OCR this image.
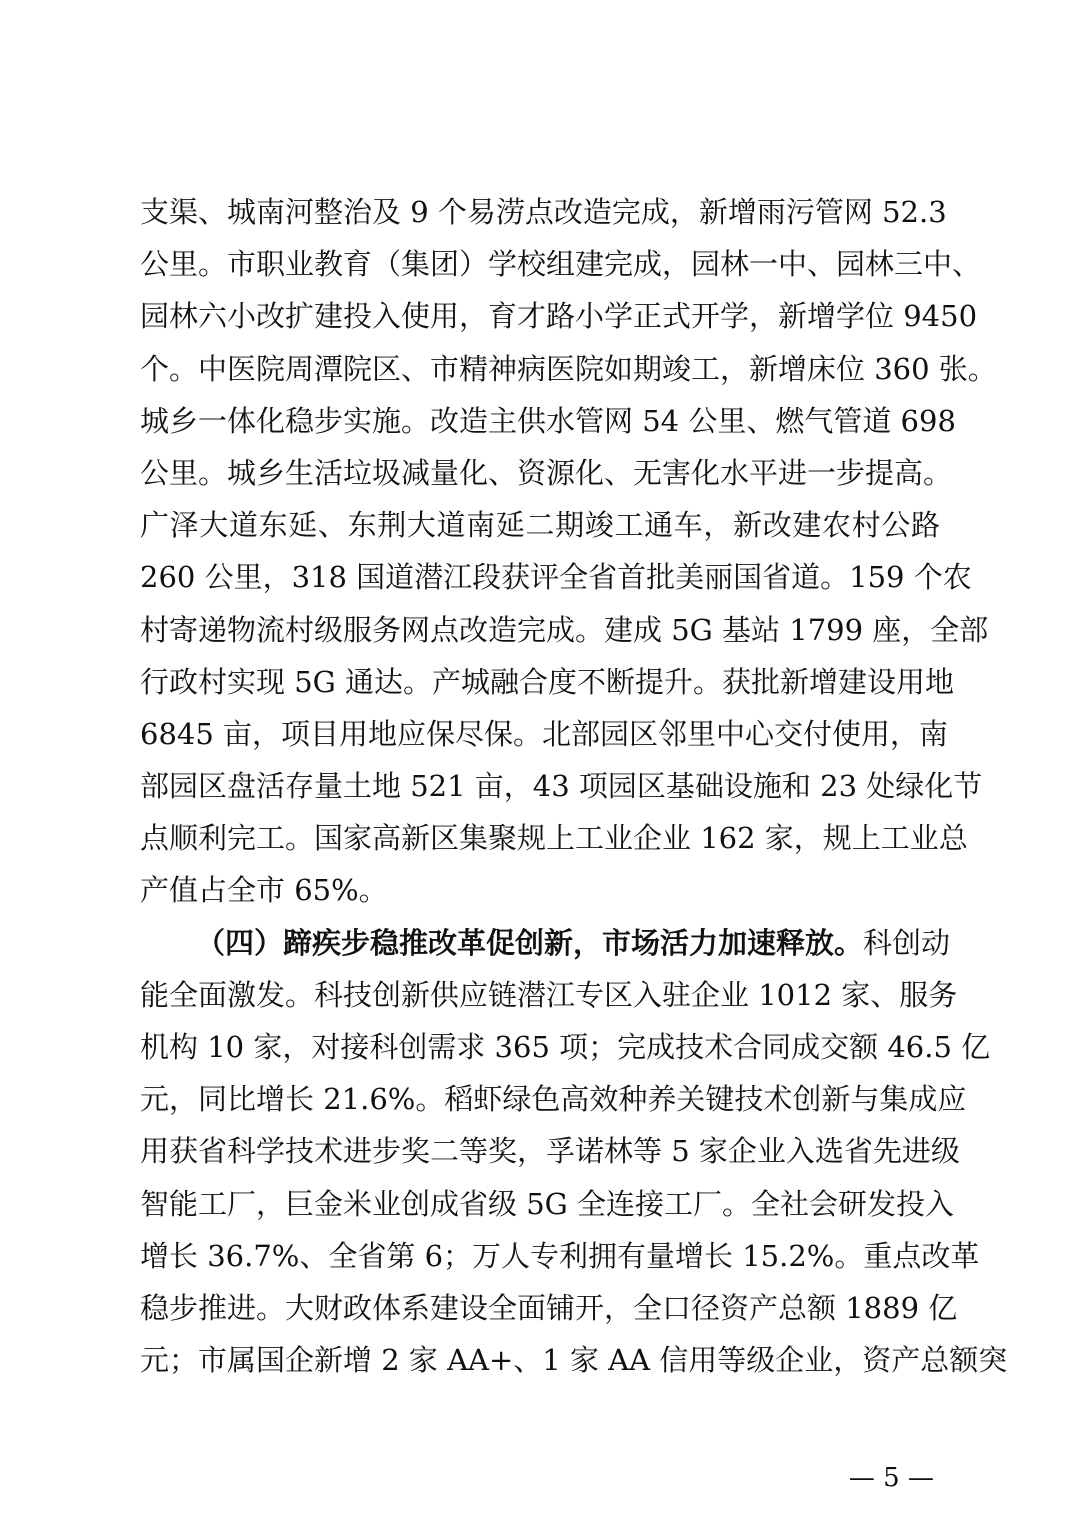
支渠、城南河整治及 9 个易涝点改造完成，新增雨污管网 52.3
公里。市职业教育（集团）学校组建完成，园林一中、园林三中、
园林六小改扩建投入使用，育才路小学正式开学，新增学位 9450
个。中医院周潭院区、市精神病医院如期竣工，新增床位 360 张。
城乡一体化稳步实施。改造主供水管网 54 公里、燃气管道 698
公里。城乡生活垃圾减量化、资源化、无害化水平进一步提高。
广泽大道东延、东荆大道南延二期竣工通车，新改建农村公路
260 公里，318 国道潜江段获评全省首批美丽国省道。159 个农
村寄递物流村级服务网点改造完成。建成 5G 基站 1799 座，全部
行政村实现 5G 通达。产城融合度不断提升。获批新增建设用地
6845 亩，项目用地应保尽保。北部园区邻里中心交付使用，南
部园区盘活存量土地 521 亩，43 项园区基础设施和 23 处绿化节
点顺利完工。国家高新区集聚规上工业企业 162 家，规上工业总
产值占全市 65%。
（四）蹄疾步稳推改革促创新，市场活力加速释放。科创动
能全面激发。科技创新供应链潜江专区入驻企业 1012 家、服务
机构 10 家，对接科创需求 365 项；完成技术合同成交额 46.5 亿
元，同比增长 21.6%。稻虾绿色高效种养关键技术创新与集成应
用获省科学技术进步奖二等奖，孚诺林等 5 家企业入选省先进级
智能工厂，巨金米业创成省级 5G 全连接工厂。全社会研发投入
增长 36.7%、全省第 6；万人专利拥有量增长 15.2%。重点改革
稳步推进。大财政体系建设全面铺开，全口径资产总额 1889 亿
元；市属国企新增 2 家 AA+、1 家 AA 信用等级企业，资产总额突
— 5 —
